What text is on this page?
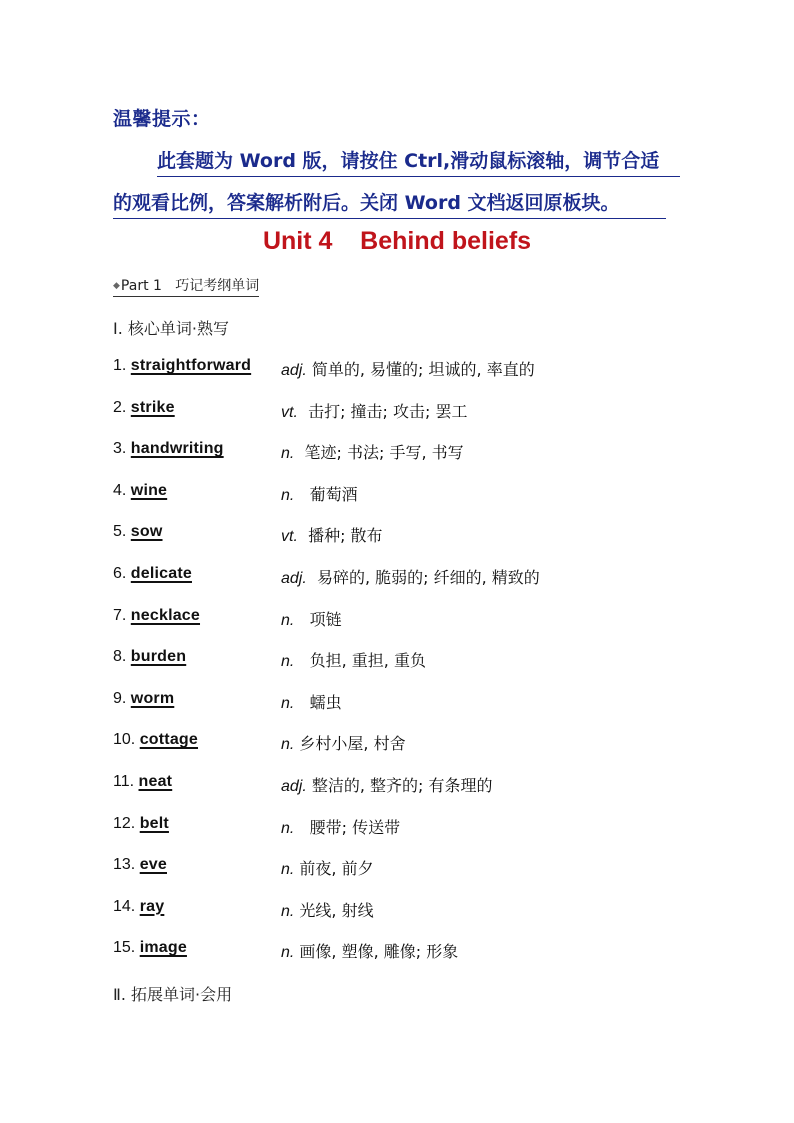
温馨提示：
此套题为 Word 版，请按住 Ctrl,滑动鼠标滚轴，调节合适
的观看比例，答案解析附后。关闭 Word 文档返回原板块。
Unit 4    Behind beliefs
◆Part 1   巧记考纲单词
Ⅰ. 核心单词·熟写
1. straightforward adj. 简单的, 易懂的; 坦诚的, 率直的
2. strike	vt.  击打; 撞击; 攻击; 罢工
3. handwriting	n.  笔迹; 书法; 手写, 书写
4. wine	n.   葡萄酒
5. sow	vt.  播种; 散布
6. delicate	adj.  易碎的, 脆弱的; 纤细的, 精致的
7. necklace	n.   项链
8. burden	n.   负担, 重担, 重负
9. worm	n.   蠕虫
10. cottage	n. 乡村小屋, 村舍
11. neat	adj. 整洁的, 整齐的; 有条理的
12. belt	n.   腰带; 传送带
13. eve	n. 前夜, 前夕
14. ray	n. 光线, 射线
15. image	n. 画像, 塑像, 雕像; 形象
Ⅱ. 拓展单词·会用
